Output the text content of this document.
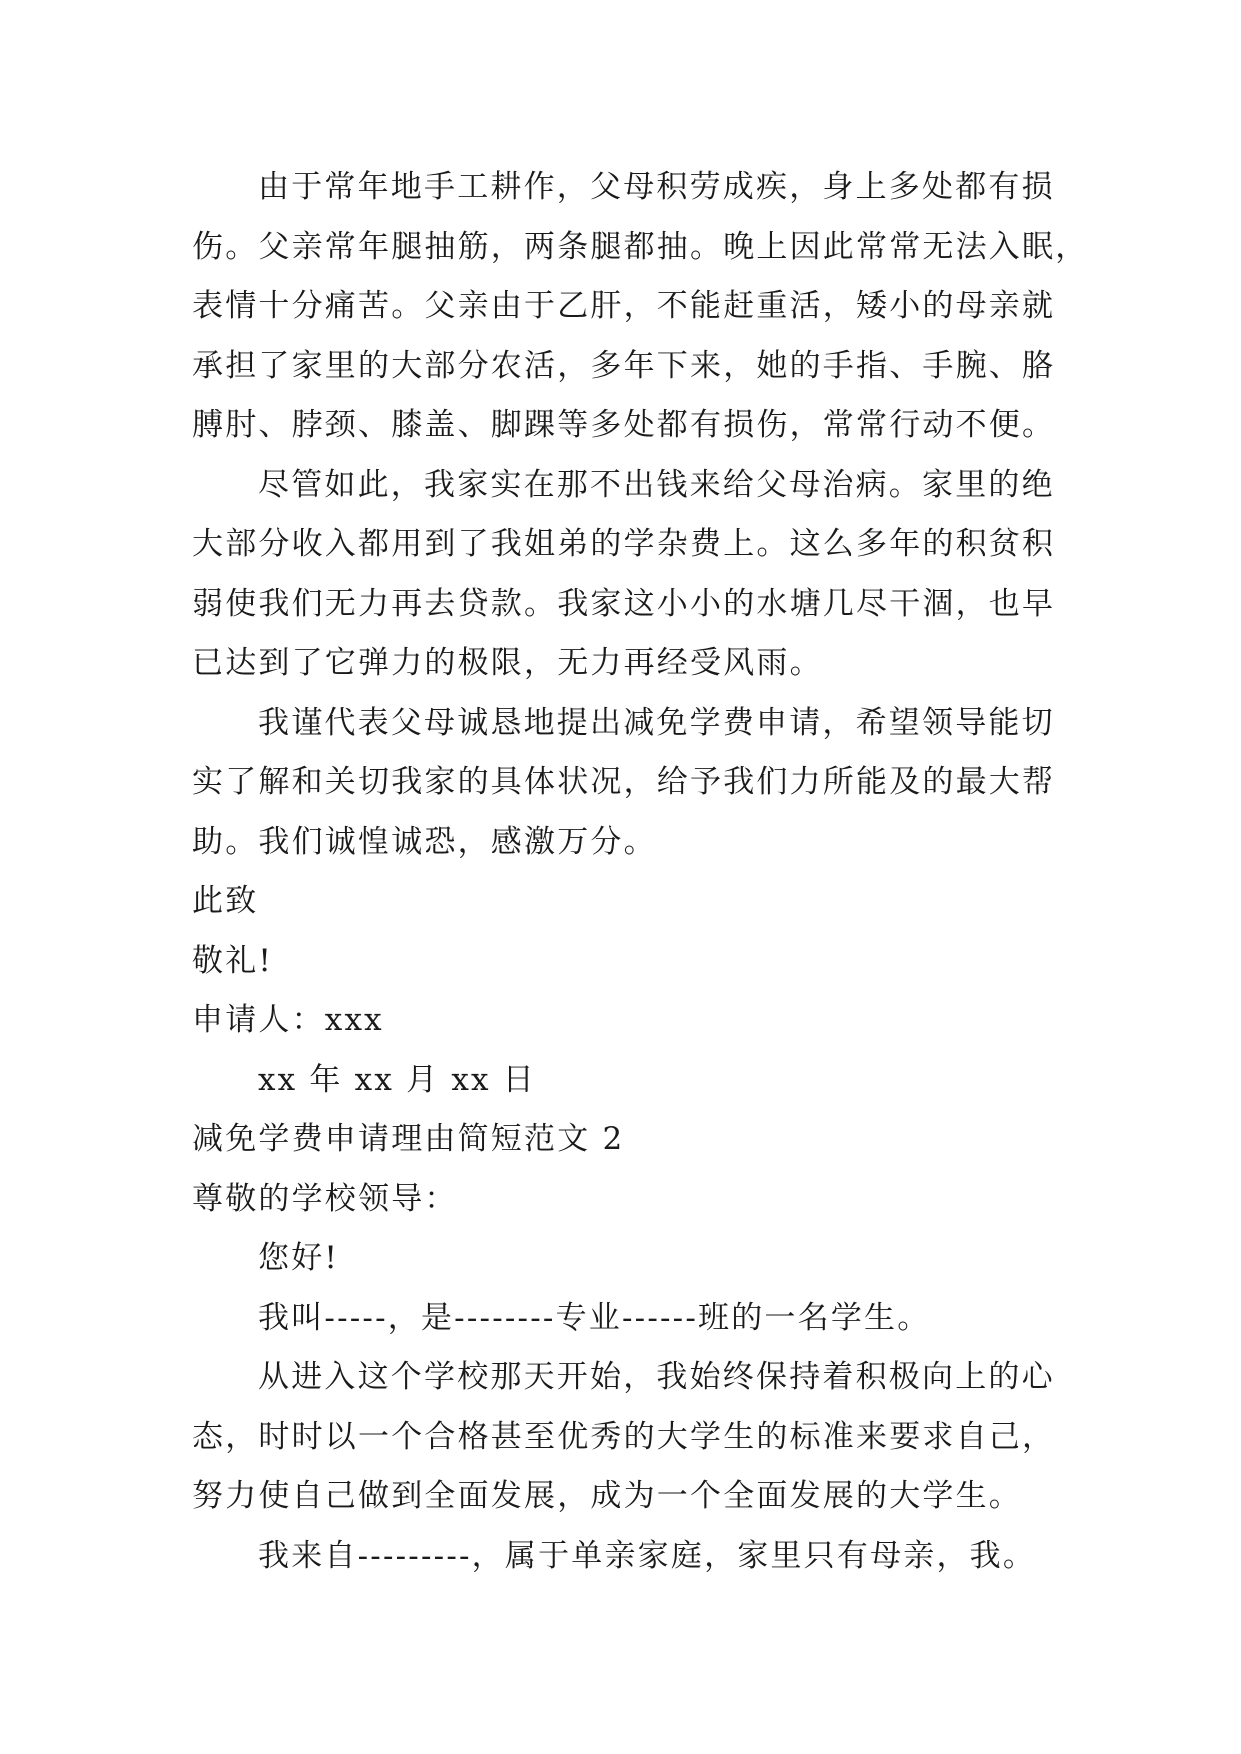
由于常年地手工耕作，父母积劳成疾，身上多处都有损
伤。父亲常年腿抽筋，两条腿都抽。晚上因此常常无法入眠，
表情十分痛苦。父亲由于乙肝，不能赶重活，矮小的母亲就
承担了家里的大部分农活，多年下来，她的手指、手腕、胳
膊肘、脖颈、膝盖、脚踝等多处都有损伤，常常行动不便。
尽管如此，我家实在那不出钱来给父母治病。家里的绝
大部分收入都用到了我姐弟的学杂费上。这么多年的积贫积
弱使我们无力再去贷款。我家这小小的水塘几尽干涸，也早
已达到了它弹力的极限，无力再经受风雨。
我谨代表父母诚恳地提出减免学费申请，希望领导能切
实了解和关切我家的具体状况，给予我们力所能及的最大帮
助。我们诚惶诚恐，感激万分。
此致
敬礼!
申请人：xxx
xx 年 xx 月 xx 日
减免学费申请理由简短范文 2
尊敬的学校领导：
您好!
我叫-----，是--------专业------班的一名学生。
从进入这个学校那天开始，我始终保持着积极向上的心
态，时时以一个合格甚至优秀的大学生的标准来要求自己，
努力使自己做到全面发展，成为一个全面发展的大学生。
我来自---------，属于单亲家庭，家里只有母亲，我。
